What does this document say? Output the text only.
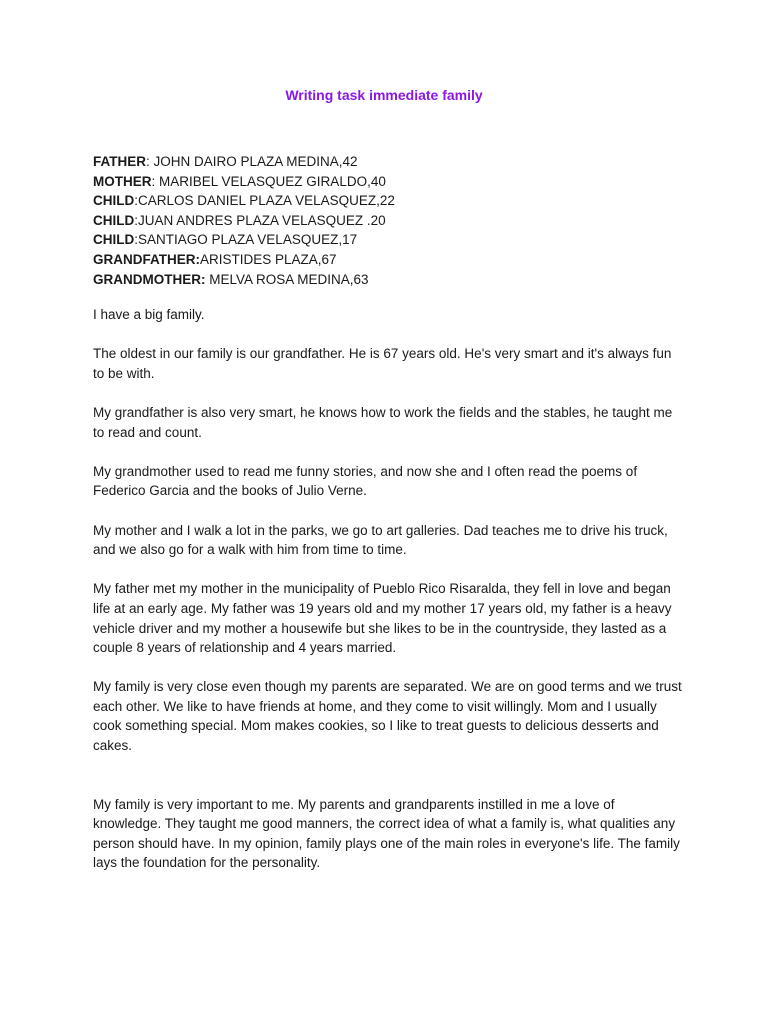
Writing task immediate family

FATHER: JOHN DAIRO PLAZA MEDINA,42

MOTHER: MARIBEL VELASQUEZ GIRALDO,40

CHILD:CARLOS DANIEL PLAZA VELASQUEZ,22

CHILD:JUAN ANDRES PLAZA VELASQUEZ .20

CHILD:SANTIAGO PLAZA VELASQUEZ,17

GRANDFATHER:ARISTIDES PLAZA,67

GRANDMOTHER: MELVA ROSA MEDINA,63

I have a big family.

The oldest in our family is our grandfather. He is 67 years old. He's very smart and it's always fun to be with.

My grandfather is also very smart, he knows how to work the fields and the stables, he taught me to read and count.

My grandmother used to read me funny stories, and now she and I often read the poems of Federico Garcia and the books of Julio Verne.

My mother and I walk a lot in the parks, we go to art galleries. Dad teaches me to drive his truck, and we also go for a walk with him from time to time.

My father met my mother in the municipality of Pueblo Rico Risaralda, they fell in love and began life at an early age. My father was 19 years old and my mother 17 years old, my father is a heavy vehicle driver and my mother a housewife but she likes to be in the countryside, they lasted as a couple 8 years of relationship and 4 years married.

My family is very close even though my parents are separated. We are on good terms and we trust each other. We like to have friends at home, and they come to visit willingly. Mom and I usually cook something special. Mom makes cookies, so I like to treat guests to delicious desserts and cakes.

My family is very important to me. My parents and grandparents instilled in me a love of knowledge. They taught me good manners, the correct idea of what a family is, what qualities any person should have. In my opinion, family plays one of the main roles in everyone's life. The family lays the foundation for the personality.
